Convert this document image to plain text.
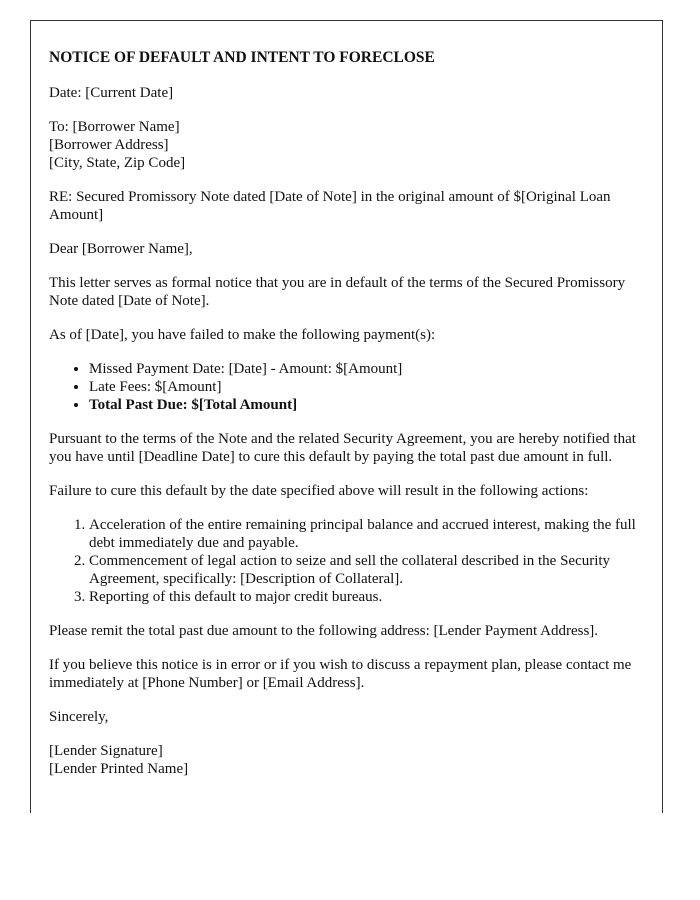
NOTICE OF DEFAULT AND INTENT TO FORECLOSE

Date: [Current Date]

To: [Borrower Name]
[Borrower Address]
[City, State, Zip Code]

RE: Secured Promissory Note dated [Date of Note] in the original amount of $[Original Loan Amount]

Dear [Borrower Name],

This letter serves as formal notice that you are in default of the terms of the Secured Promissory Note dated [Date of Note].

As of [Date], you have failed to make the following payment(s):

• Missed Payment Date: [Date] - Amount: $[Amount]
• Late Fees: $[Amount]
• Total Past Due: $[Total Amount]

Pursuant to the terms of the Note and the related Security Agreement, you are hereby notified that you have until [Deadline Date] to cure this default by paying the total past due amount in full.

Failure to cure this default by the date specified above will result in the following actions:

1. Acceleration of the entire remaining principal balance and accrued interest, making the full debt immediately due and payable.
2. Commencement of legal action to seize and sell the collateral described in the Security Agreement, specifically: [Description of Collateral].
3. Reporting of this default to major credit bureaus.

Please remit the total past due amount to the following address: [Lender Payment Address].

If you believe this notice is in error or if you wish to discuss a repayment plan, please contact me immediately at [Phone Number] or [Email Address].

Sincerely,

[Lender Signature]
[Lender Printed Name]
